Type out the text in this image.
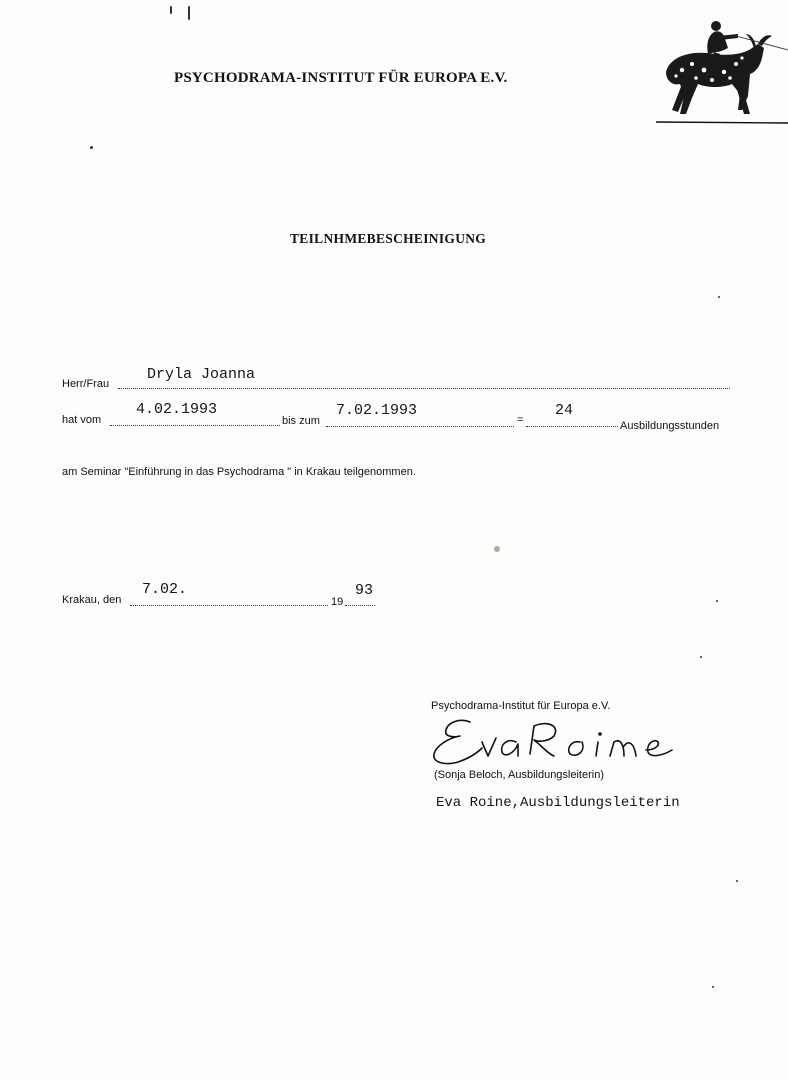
PSYCHODRAMA-INSTITUT FÜR EUROPA E.V.
TEILNHMEBESCHEINIGUNG
Herr/Frau
Dryla Joanna
hat vom
4.02.1993
bis zum
7.02.1993
=
24
Ausbildungsstunden
am Seminar "Einführung in das Psychodrama " in Krakau teilgenommen.
Krakau, den
7.02.
19
93
Psychodrama-Institut für Europa e.V.
(Sonja Beloch, Ausbildungsleiterin)
Eva Roine,Ausbildungsleiterin
